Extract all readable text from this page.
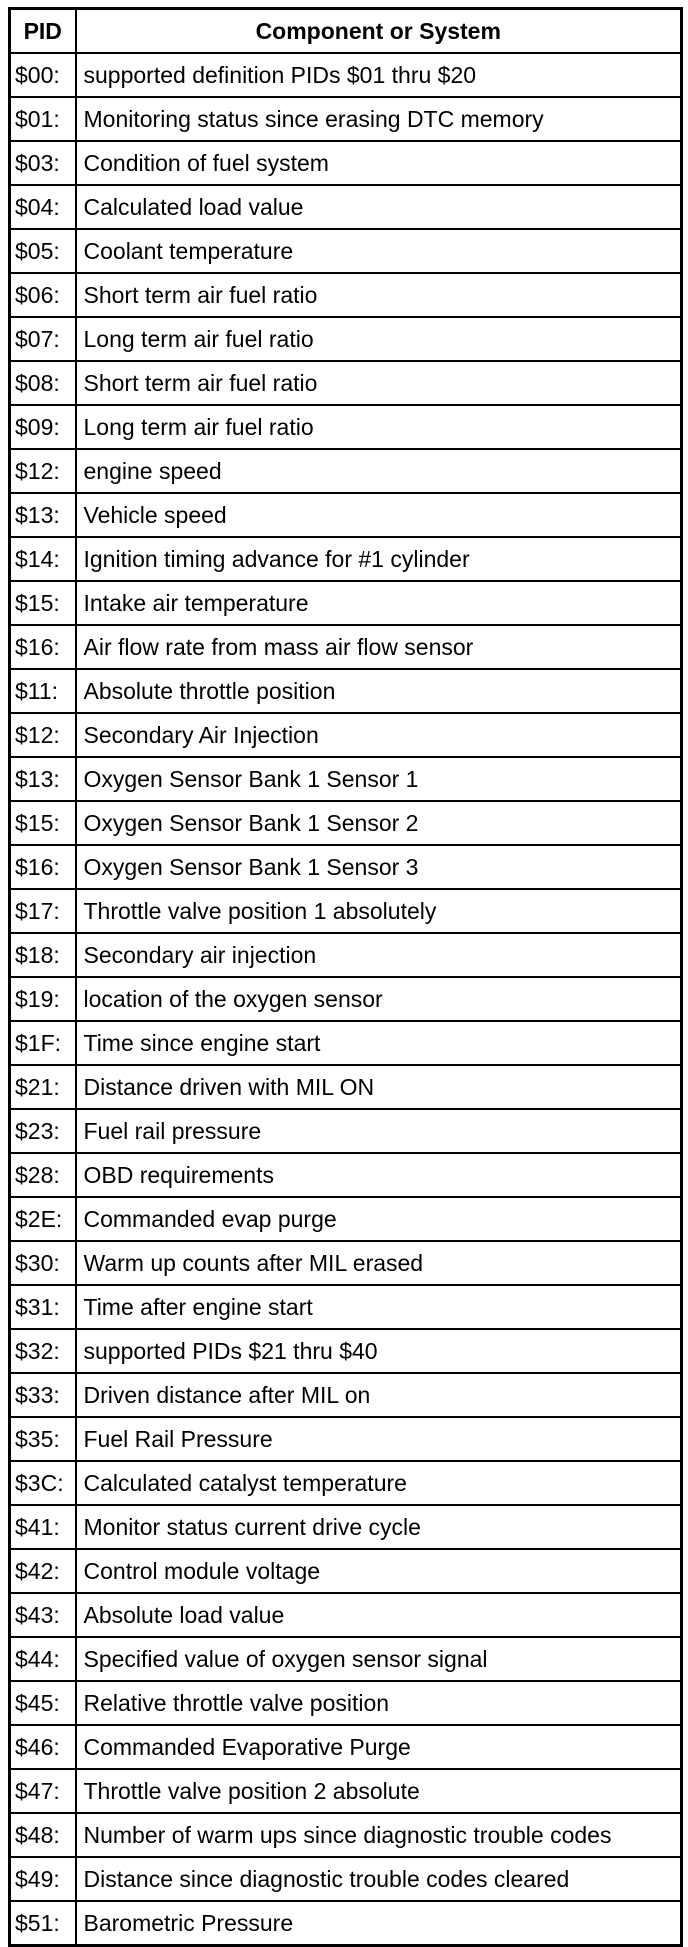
PID	Component or System
$00:	supported definition PIDs $01 thru $20
$01:	Monitoring status since erasing DTC memory
$03:	Condition of fuel system
$04:	Calculated load value
$05:	Coolant temperature
$06:	Short term air fuel ratio
$07:	Long term air fuel ratio
$08:	Short term air fuel ratio
$09:	Long term air fuel ratio
$12:	engine speed
$13:	Vehicle speed
$14:	Ignition timing advance for #1 cylinder
$15:	Intake air temperature
$16:	Air flow rate from mass air flow sensor
$11:	Absolute throttle position
$12:	Secondary Air Injection
$13:	Oxygen Sensor Bank 1 Sensor 1
$15:	Oxygen Sensor Bank 1 Sensor 2
$16:	Oxygen Sensor Bank 1 Sensor 3
$17:	Throttle valve position 1 absolutely
$18:	Secondary air injection
$19:	location of the oxygen sensor
$1F:	Time since engine start
$21:	Distance driven with MIL ON
$23:	Fuel rail pressure
$28:	OBD requirements
$2E:	Commanded evap purge
$30:	Warm up counts after MIL erased
$31:	Time after engine start
$32:	supported PIDs $21 thru $40
$33:	Driven distance after MIL on
$35:	Fuel Rail Pressure
$3C:	Calculated catalyst temperature
$41:	Monitor status current drive cycle
$42:	Control module voltage
$43:	Absolute load value
$44:	Specified value of oxygen sensor signal
$45:	Relative throttle valve position
$46:	Commanded Evaporative Purge
$47:	Throttle valve position 2 absolute
$48:	Number of warm ups since diagnostic trouble codes
$49:	Distance since diagnostic trouble codes cleared
$51:	Barometric Pressure
